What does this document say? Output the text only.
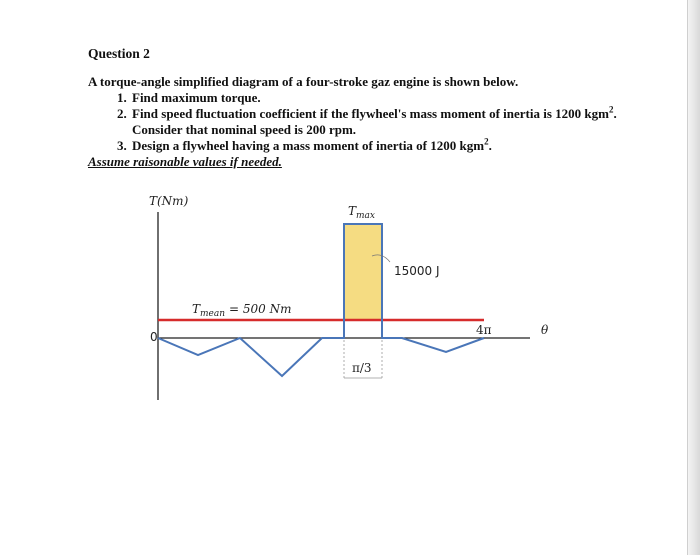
Question 2

A torque-angle simplified diagram of a four-stroke gaz engine is shown below.

1. Find maximum torque.
2. Find speed fluctuation coefficient if the flywheel's mass moment of inertia is 1200 kgm$^2$. Consider that nominal speed is 200 rpm.
3. Design a flywheel having a mass moment of inertia of 1200 kgm$^2$.
Assume raisonable values if needed.
T(Nm)
0	θ
$T_{max}$
$T_{mean} = 500$ Nm
15000 J
π/3
4π
